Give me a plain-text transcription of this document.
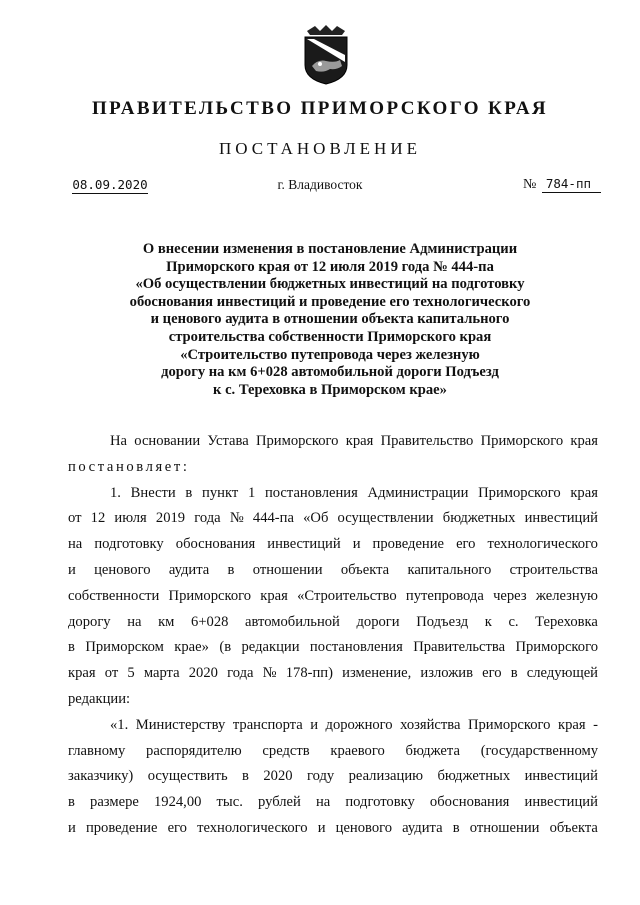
ПРАВИТЕЛЬСТВО ПРИМОРСКОГО КРАЯ
ПОСТАНОВЛЕНИЕ
08.09.2020	г. Владивосток	№ 784-пп
О внесении изменения в постановление Администрации
Приморского края от 12 июля 2019 года № 444-па
«Об осуществлении бюджетных инвестиций на подготовку
обоснования инвестиций и проведение его технологического
и ценового аудита в отношении объекта капитального
строительства собственности Приморского края
«Строительство путепровода через железную
дорогу на км 6+028 автомобильной дороги Подъезд
к с. Тереховка в Приморском крае»
На основании Устава Приморского края Правительство Приморского края
постановляет:
1. Внести в пункт 1 постановления Администрации Приморского края
от 12 июля 2019 года № 444-па «Об осуществлении бюджетных инвестиций
на подготовку обоснования инвестиций и проведение его технологического
и ценового аудита в отношении объекта капитального строительства
собственности Приморского края «Строительство путепровода через железную
дорогу на км 6+028 автомобильной дороги Подъезд к с. Тереховка
в Приморском крае» (в редакции постановления Правительства Приморского
края от 5 марта 2020 года № 178-пп) изменение, изложив его в следующей
редакции:
«1. Министерству транспорта и дорожного хозяйства Приморского края -
главному распорядителю средств краевого бюджета (государственному
заказчику) осуществить в 2020 году реализацию бюджетных инвестиций
в размере 1924,00 тыс. рублей на подготовку обоснования инвестиций
и проведение его технологического и ценового аудита в отношении объекта
